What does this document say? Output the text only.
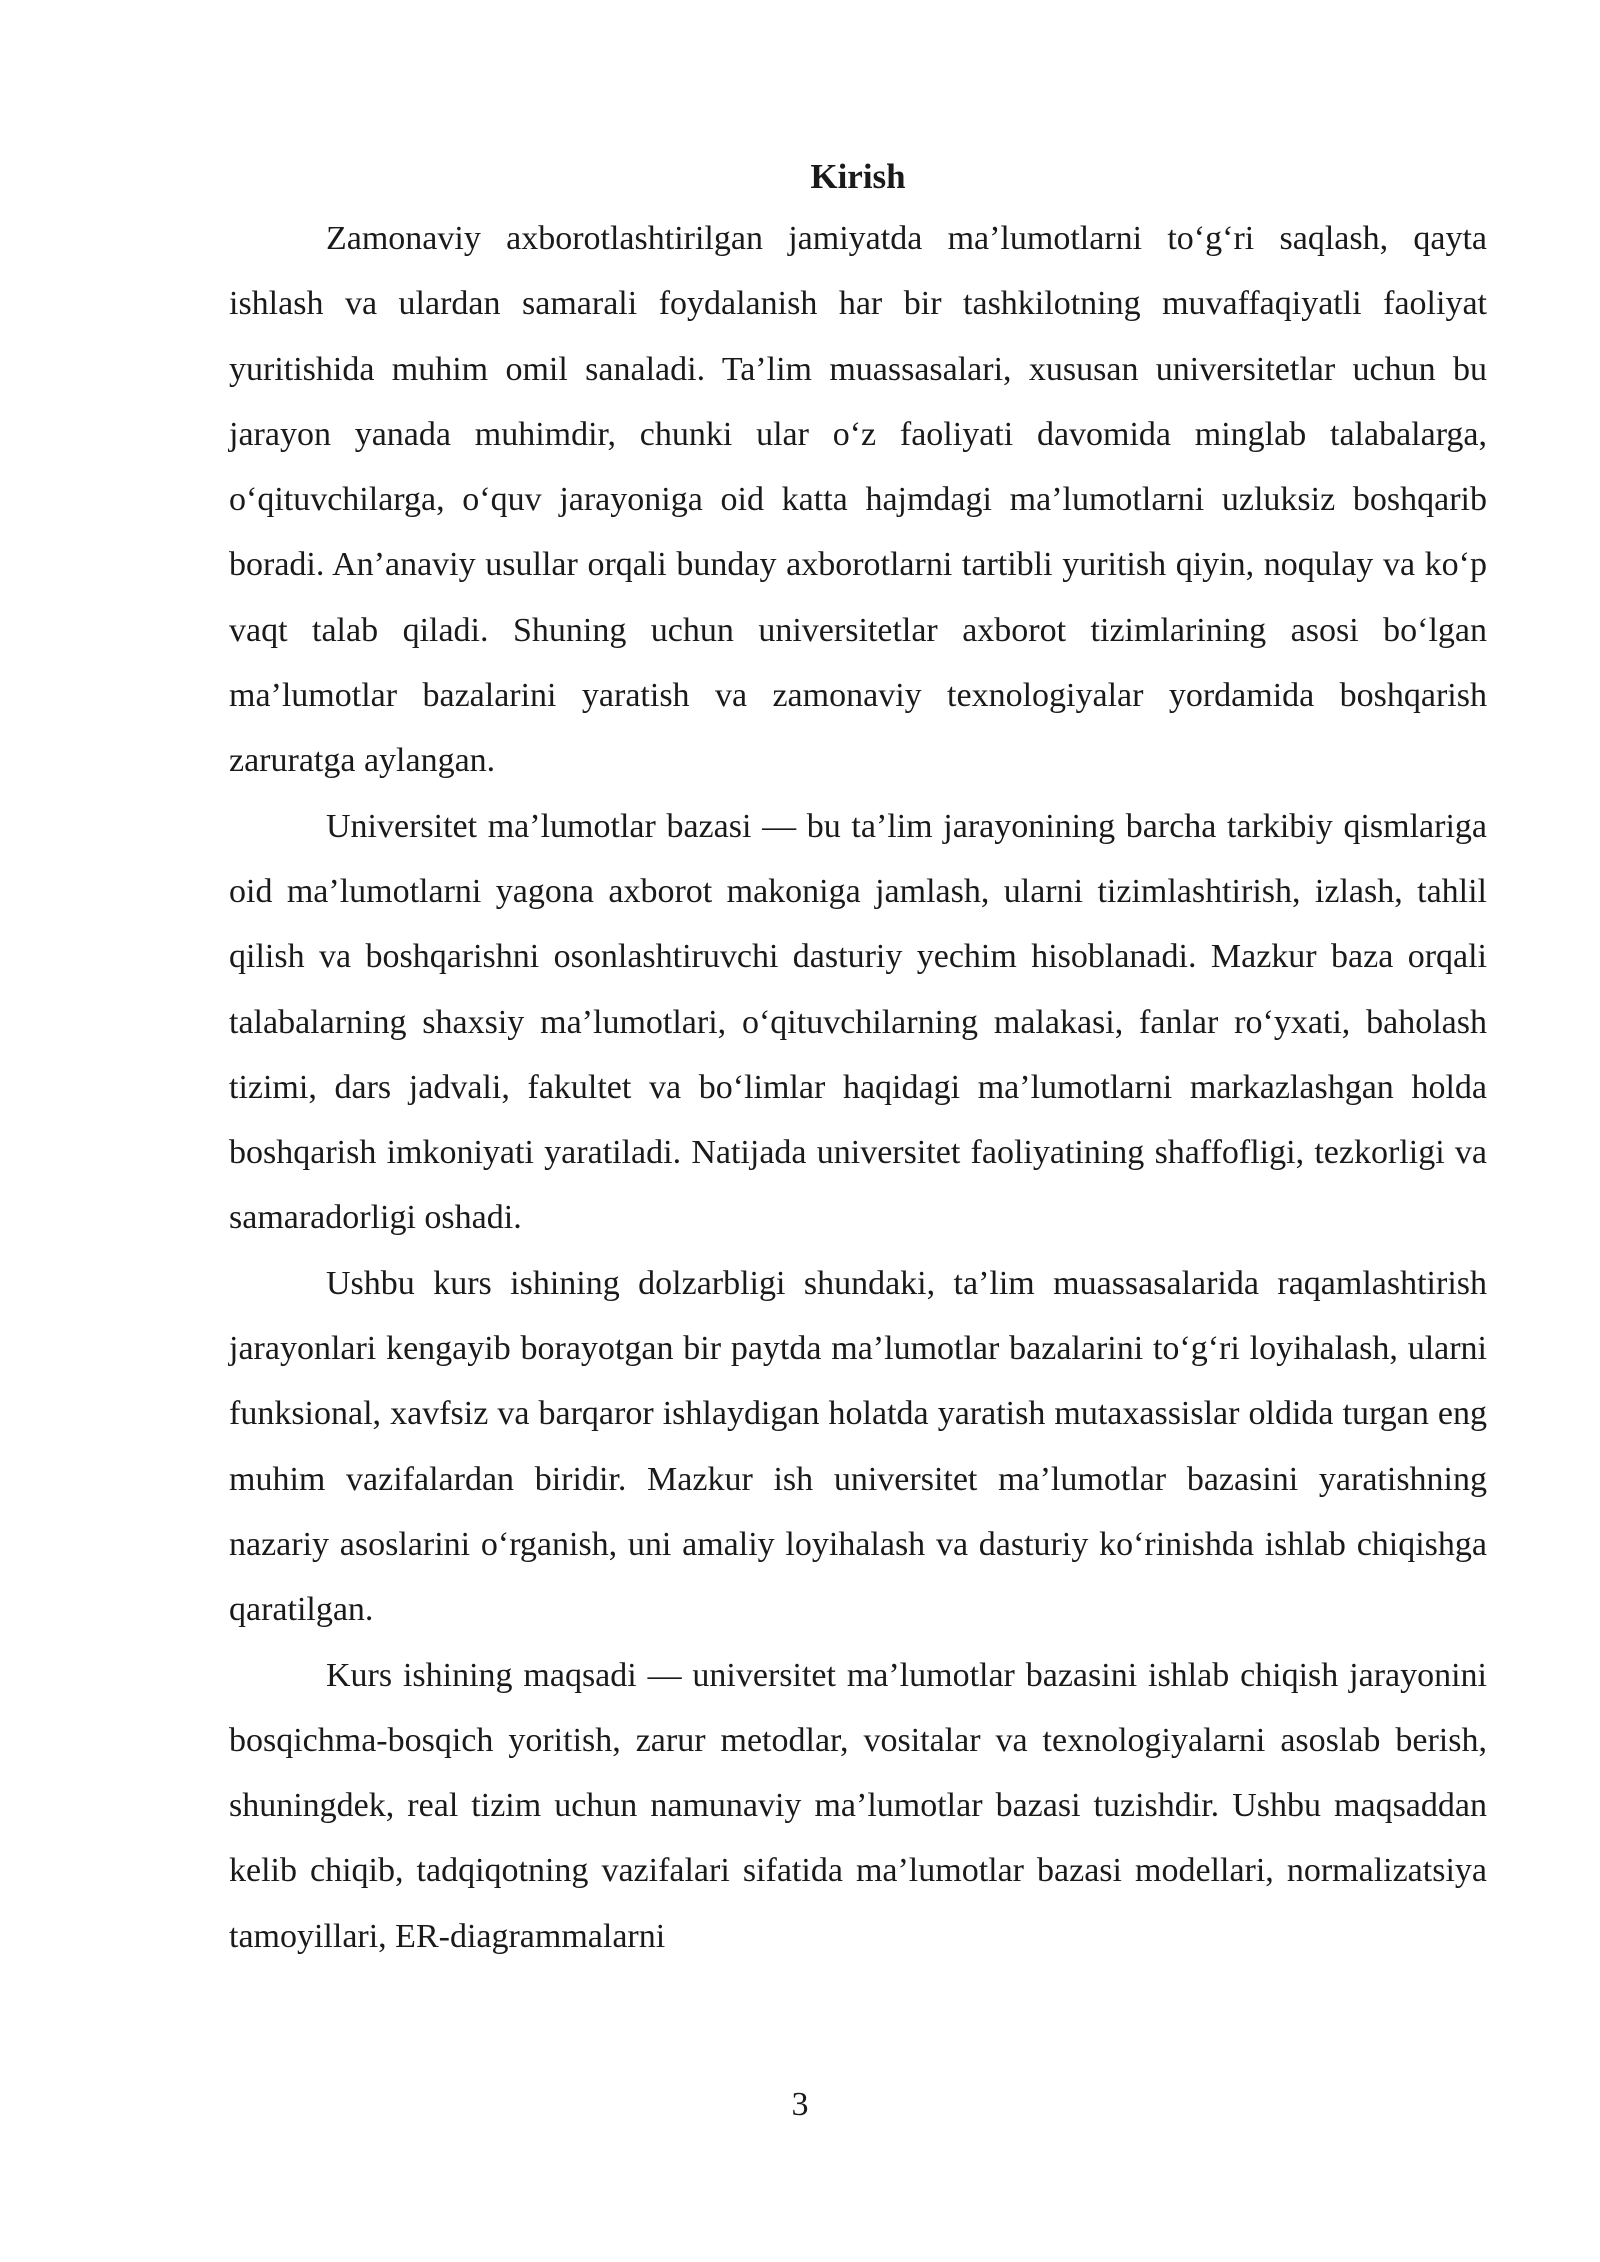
Kirish

Zamonaviy axborotlashtirilgan jamiyatda ma’lumotlarni to‘g‘ri saqlash, qayta ishlash va ulardan samarali foydalanish har bir tashkilotning muvaffaqiyatli faoliyat yuritishida muhim omil sanaladi. Ta’lim muassasalari, xususan universitetlar uchun bu jarayon yanada muhimdir, chunki ular o‘z faoliyati davomida minglab talabalarga, o‘qituvchilarga, o‘quv jarayoniga oid katta hajmdagi ma’lumotlarni uzluksiz boshqarib boradi. An’anaviy usullar orqali bunday axborotlarni tartibli yuritish qiyin, noqulay va ko‘p vaqt talab qiladi. Shuning uchun universitetlar axborot tizimlarining asosi bo‘lgan ma’lumotlar bazalarini yaratish va zamonaviy texnologiyalar yordamida boshqarish zaruratga aylangan.

Universitet ma’lumotlar bazasi — bu ta’lim jarayonining barcha tarkibiy qismlariga oid ma’lumotlarni yagona axborot makoniga jamlash, ularni tizimlashtirish, izlash, tahlil qilish va boshqarishni osonlashtiruvchi dasturiy yechim hisoblanadi. Mazkur baza orqali talabalarning shaxsiy ma’lumotlari, o‘qituvchilarning malakasi, fanlar ro‘yxati, baholash tizimi, dars jadvali, fakultet va bo‘limlar haqidagi ma’lumotlarni markazlashgan holda boshqarish imkoniyati yaratiladi. Natijada universitet faoliyatining shaffofligi, tezkorligi va samaradorligi oshadi.

Ushbu kurs ishining dolzarbligi shundaki, ta’lim muassasalarida raqamlashtirish jarayonlari kengayib borayotgan bir paytda ma’lumotlar bazalarini to‘g‘ri loyihalash, ularni funksional, xavfsiz va barqaror ishlaydigan holatda yaratish mutaxassislar oldida turgan eng muhim vazifalardan biridir. Mazkur ish universitet ma’lumotlar bazasini yaratishning nazariy asoslarini o‘rganish, uni amaliy loyihalash va dasturiy ko‘rinishda ishlab chiqishga qaratilgan.

Kurs ishining maqsadi — universitet ma’lumotlar bazasini ishlab chiqish jarayonini bosqichma-bosqich yoritish, zarur metodlar, vositalar va texnologiyalarni asoslab berish, shuningdek, real tizim uchun namunaviy ma’lumotlar bazasi tuzishdir. Ushbu maqsaddan kelib chiqib, tadqiqotning vazifalari sifatida ma’lumotlar bazasi modellari, normalizatsiya tamoyillari, ER-diagrammalarni

3
